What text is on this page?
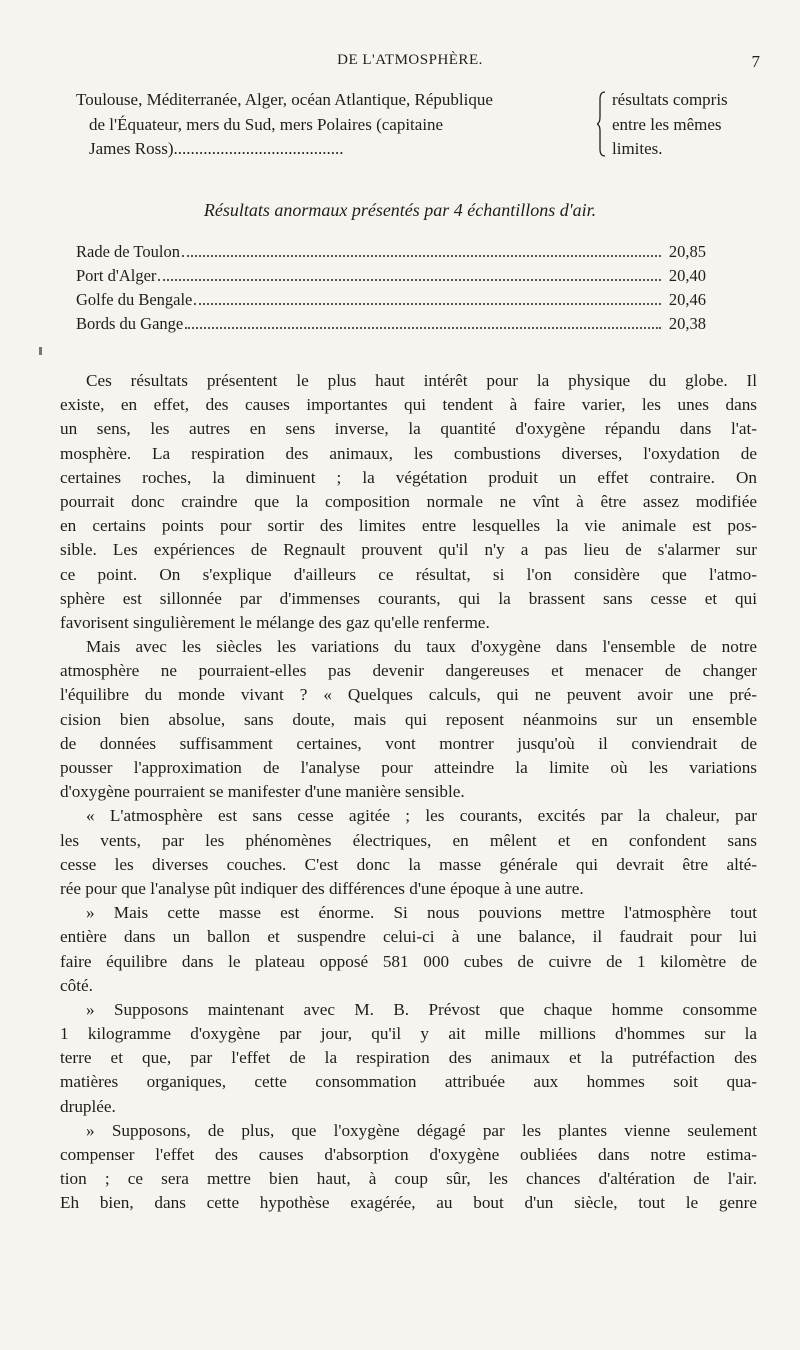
DE L'ATMOSPHÈRE.	7
Toulouse, Méditerranée, Alger, océan Atlantique, République
de l'Équateur, mers du Sud, mers Polaires (capitaine
James Ross)........................................
résultats compris
entre les mêmes
limites.
Résultats anormaux présentés par 4 échantillons d'air.
Rade de Toulon	20,85
Port d'Alger	20,40
Golfe du Bengale	20,46
Bords du Gange	20,38
Ces résultats présentent le plus haut intérêt pour la physique du globe. Il
existe, en effet, des causes importantes qui tendent à faire varier, les unes dans
un sens, les autres en sens inverse, la quantité d'oxygène répandu dans l'at-
mosphère. La respiration des animaux, les combustions diverses, l'oxydation de
certaines roches, la diminuent ; la végétation produit un effet contraire. On
pourrait donc craindre que la composition normale ne vînt à être assez modifiée
en certains points pour sortir des limites entre lesquelles la vie animale est pos-
sible. Les expériences de Regnault prouvent qu'il n'y a pas lieu de s'alarmer sur
ce point. On s'explique d'ailleurs ce résultat, si l'on considère que l'atmo-
sphère est sillonnée par d'immenses courants, qui la brassent sans cesse et qui
favorisent singulièrement le mélange des gaz qu'elle renferme.
Mais avec les siècles les variations du taux d'oxygène dans l'ensemble de notre
atmosphère ne pourraient-elles pas devenir dangereuses et menacer de changer
l'équilibre du monde vivant ? « Quelques calculs, qui ne peuvent avoir une pré-
cision bien absolue, sans doute, mais qui reposent néanmoins sur un ensemble
de données suffisamment certaines, vont montrer jusqu'où il conviendrait de
pousser l'approximation de l'analyse pour atteindre la limite où les variations
d'oxygène pourraient se manifester d'une manière sensible.
« L'atmosphère est sans cesse agitée ; les courants, excités par la chaleur, par
les vents, par les phénomènes électriques, en mêlent et en confondent sans
cesse les diverses couches. C'est donc la masse générale qui devrait être alté-
rée pour que l'analyse pût indiquer des différences d'une époque à une autre.
» Mais cette masse est énorme. Si nous pouvions mettre l'atmosphère tout
entière dans un ballon et suspendre celui-ci à une balance, il faudrait pour lui
faire équilibre dans le plateau opposé 581 000 cubes de cuivre de 1 kilomètre de
côté.
» Supposons maintenant avec M. B. Prévost que chaque homme consomme
1 kilogramme d'oxygène par jour, qu'il y ait mille millions d'hommes sur la
terre et que, par l'effet de la respiration des animaux et la putréfaction des
matières organiques, cette consommation attribuée aux hommes soit qua-
druplée.
» Supposons, de plus, que l'oxygène dégagé par les plantes vienne seulement
compenser l'effet des causes d'absorption d'oxygène oubliées dans notre estima-
tion ; ce sera mettre bien haut, à coup sûr, les chances d'altération de l'air.
Eh bien, dans cette hypothèse exagérée, au bout d'un siècle, tout le genre
